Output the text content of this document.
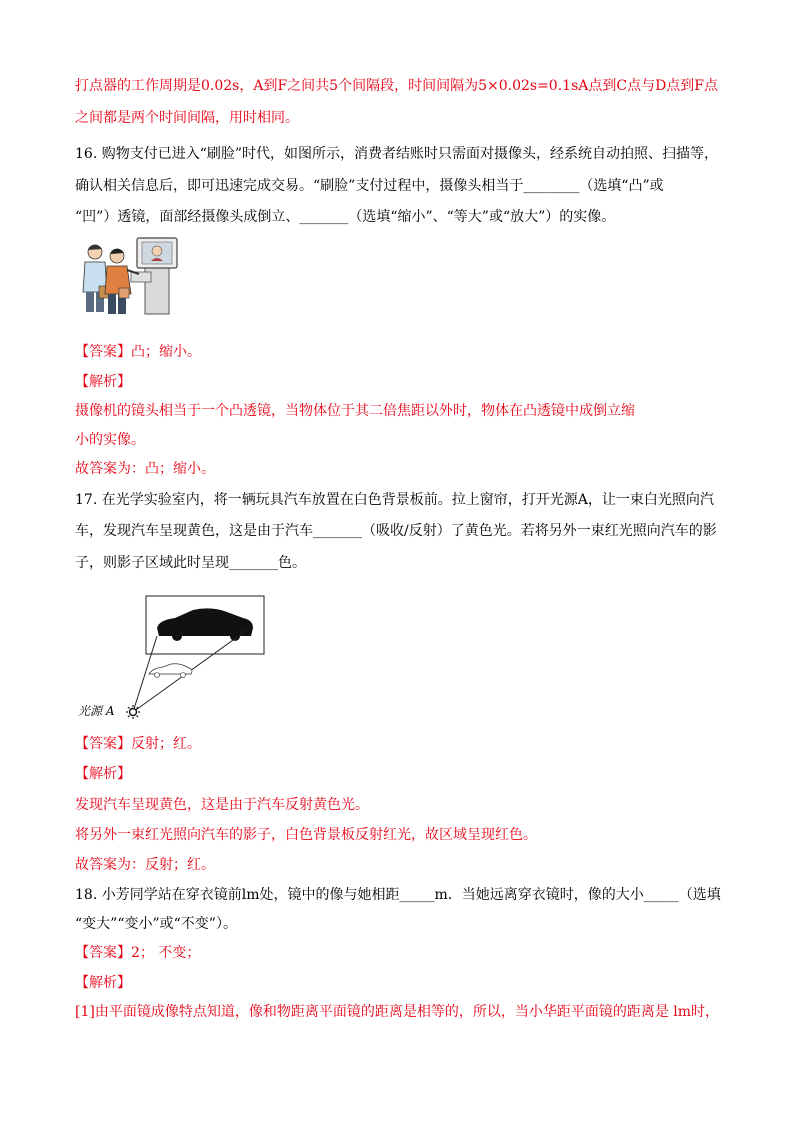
打点器的工作周期是0.02s，A到F之间共5个间隔段，时间间隔为5×0.02s=0.1sA点到C点与D点到F点
之间都是两个时间间隔，用时相同。
16. 购物支付已进入“刷脸”时代，如图所示，消费者结账时只需面对摄像头，经系统自动拍照、扫描等，
确认相关信息后，即可迅速完成交易。“刷脸”支付过程中，摄像头相当于________（选填“凸”或
“凹”）透镜，面部经摄像头成倒立、_______（选填“缩小”、“等大”或“放大”）的实像。
【答案】凸；缩小。
【解析】
摄像机的镜头相当于一个凸透镜，当物体位于其二倍焦距以外时，物体在凸透镜中成倒立缩
小的实像。
故答案为：凸；缩小。
17. 在光学实验室内，将一辆玩具汽车放置在白色背景板前。拉上窗帘，打开光源A，让一束白光照向汽
车，发现汽车呈现黄色，这是由于汽车_______（吸收/反射）了黄色光。若将另外一束红光照向汽车的影
子，则影子区域此时呈现_______色。
光源 A
【答案】反射；红。
【解析】
发现汽车呈现黄色，这是由于汽车反射黄色光。
将另外一束红光照向汽车的影子，白色背景板反射红光，故区域呈现红色。
故答案为：反射；红。
18. 小芳同学站在穿衣镜前lm处，镜中的像与她相距_____m．当她远离穿衣镜时，像的大小_____（选填
“变大”“变小”或“不变”）。
【答案】2； 不变；
【解析】
[1]由平面镜成像特点知道，像和物距离平面镜的距离是相等的，所以，当小华距平面镜的距离是 lm时，
